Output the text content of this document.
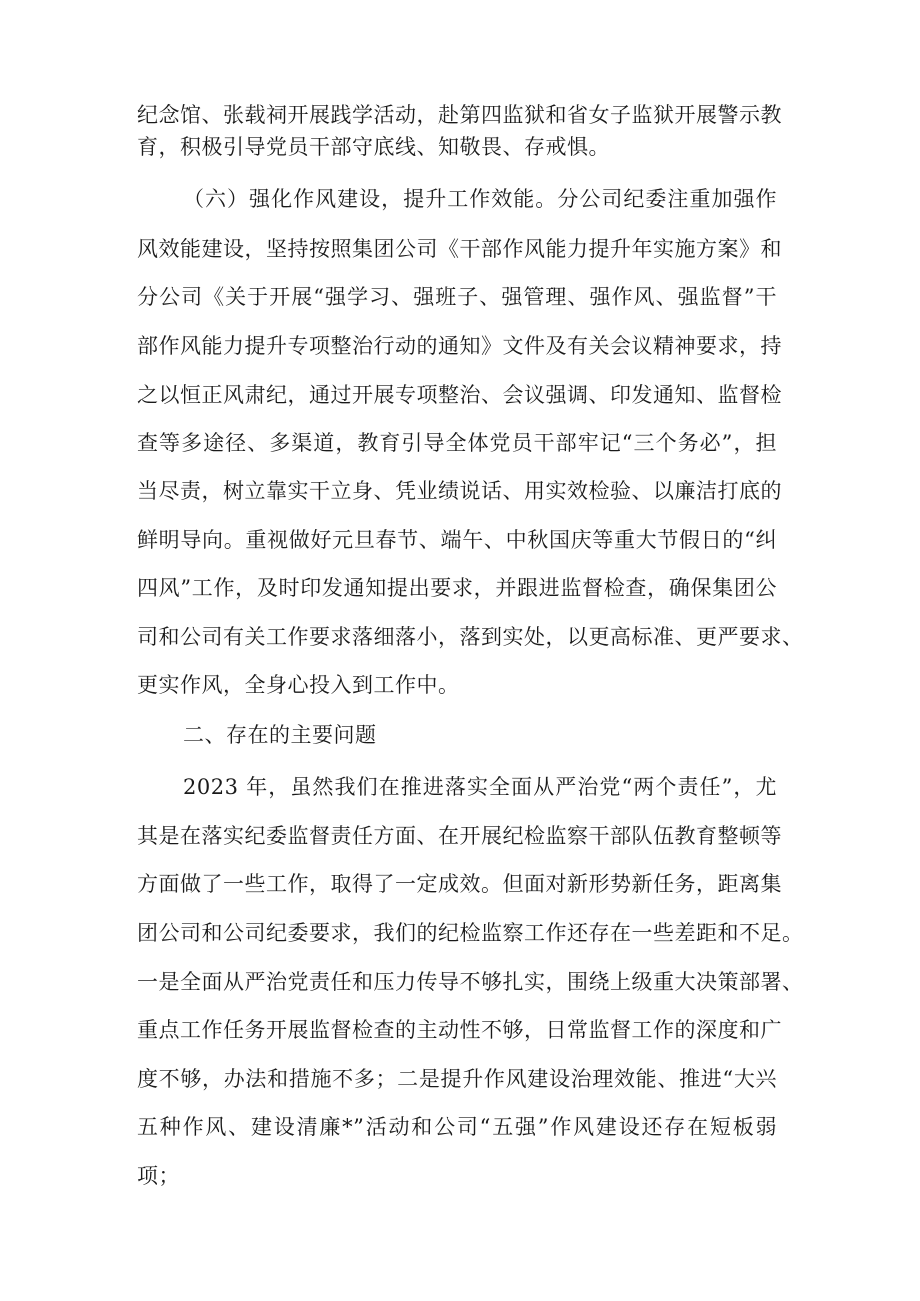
纪念馆、张载祠开展践学活动，赴第四监狱和省女子监狱开展警示教
育，积极引导党员干部守底线、知敬畏、存戒惧。
（六）强化作风建设，提升工作效能。分公司纪委注重加强作
风效能建设，坚持按照集团公司《干部作风能力提升年实施方案》和
分公司《关于开展“强学习、强班子、强管理、强作风、强监督”干
部作风能力提升专项整治行动的通知》文件及有关会议精神要求，持
之以恒正风肃纪，通过开展专项整治、会议强调、印发通知、监督检
查等多途径、多渠道，教育引导全体党员干部牢记“三个务必”，担
当尽责，树立靠实干立身、凭业绩说话、用实效检验、以廉洁打底的
鲜明导向。重视做好元旦春节、端午、中秋国庆等重大节假日的“纠
四风”工作，及时印发通知提出要求，并跟进监督检查，确保集团公
司和公司有关工作要求落细落小，落到实处，以更高标准、更严要求、
更实作风，全身心投入到工作中。
二、存在的主要问题
2023 年，虽然我们在推进落实全面从严治党“两个责任”，尤
其是在落实纪委监督责任方面、在开展纪检监察干部队伍教育整顿等
方面做了一些工作，取得了一定成效。但面对新形势新任务，距离集
团公司和公司纪委要求，我们的纪检监察工作还存在一些差距和不足。
一是全面从严治党责任和压力传导不够扎实，围绕上级重大决策部署、
重点工作任务开展监督检查的主动性不够，日常监督工作的深度和广
度不够，办法和措施不多；二是提升作风建设治理效能、推进“大兴
五种作风、建设清廉*”活动和公司“五强”作风建设还存在短板弱
项；
